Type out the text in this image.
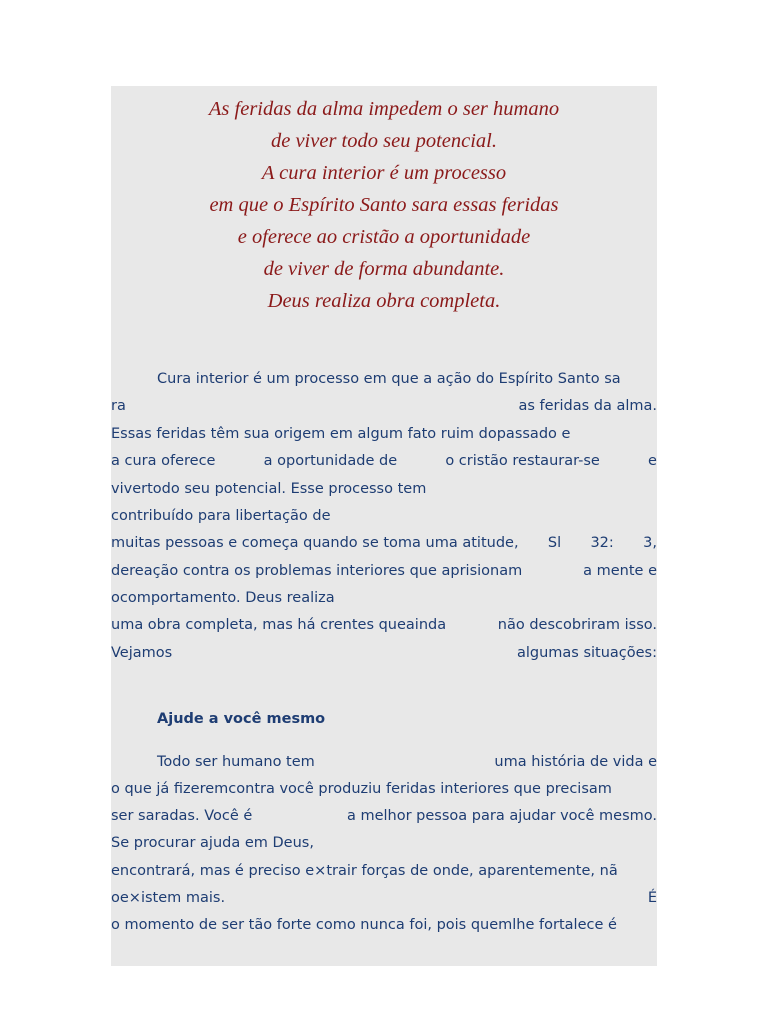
As feridas da alma impedem o ser humano
de viver todo seu potencial.
A cura interior é um processo
em que o Espírito Santo sara essas feridas
e oferece ao cristão a oportunidade
de viver de forma abundante.
Deus realiza obra completa.
Cura interior é um processo em que a ação do Espírito Santo sa
ra	as feridas da alma.
Essas feridas têm sua origem em algum fato ruim dopassado e
a cura oferece	a oportunidade de	o cristão restaurar-se	e
vivertodo seu potencial. Esse processo tem
contribuído para libertação de
muitas pessoas e começa quando se toma uma atitude, Sl 32: 3,
dereação contra os problemas interiores que aprisionam	a mente e
ocomportamento. Deus realiza
uma obra completa, mas há crentes queainda	não descobriram isso.
Vejamos	algumas situações:
Ajude a você mesmo
Todo ser humano tem	uma história de vida e
o que já fizeremcontra você produziu feridas interiores que precisam
ser saradas. Você é	a melhor pessoa para ajudar você mesmo.
Se procurar ajuda em Deus,
encontrará, mas é preciso e×trair forças de onde, aparentemente, nã
oe×istem mais.	É
o momento de ser tão forte como nunca foi, pois quemlhe fortalece é
